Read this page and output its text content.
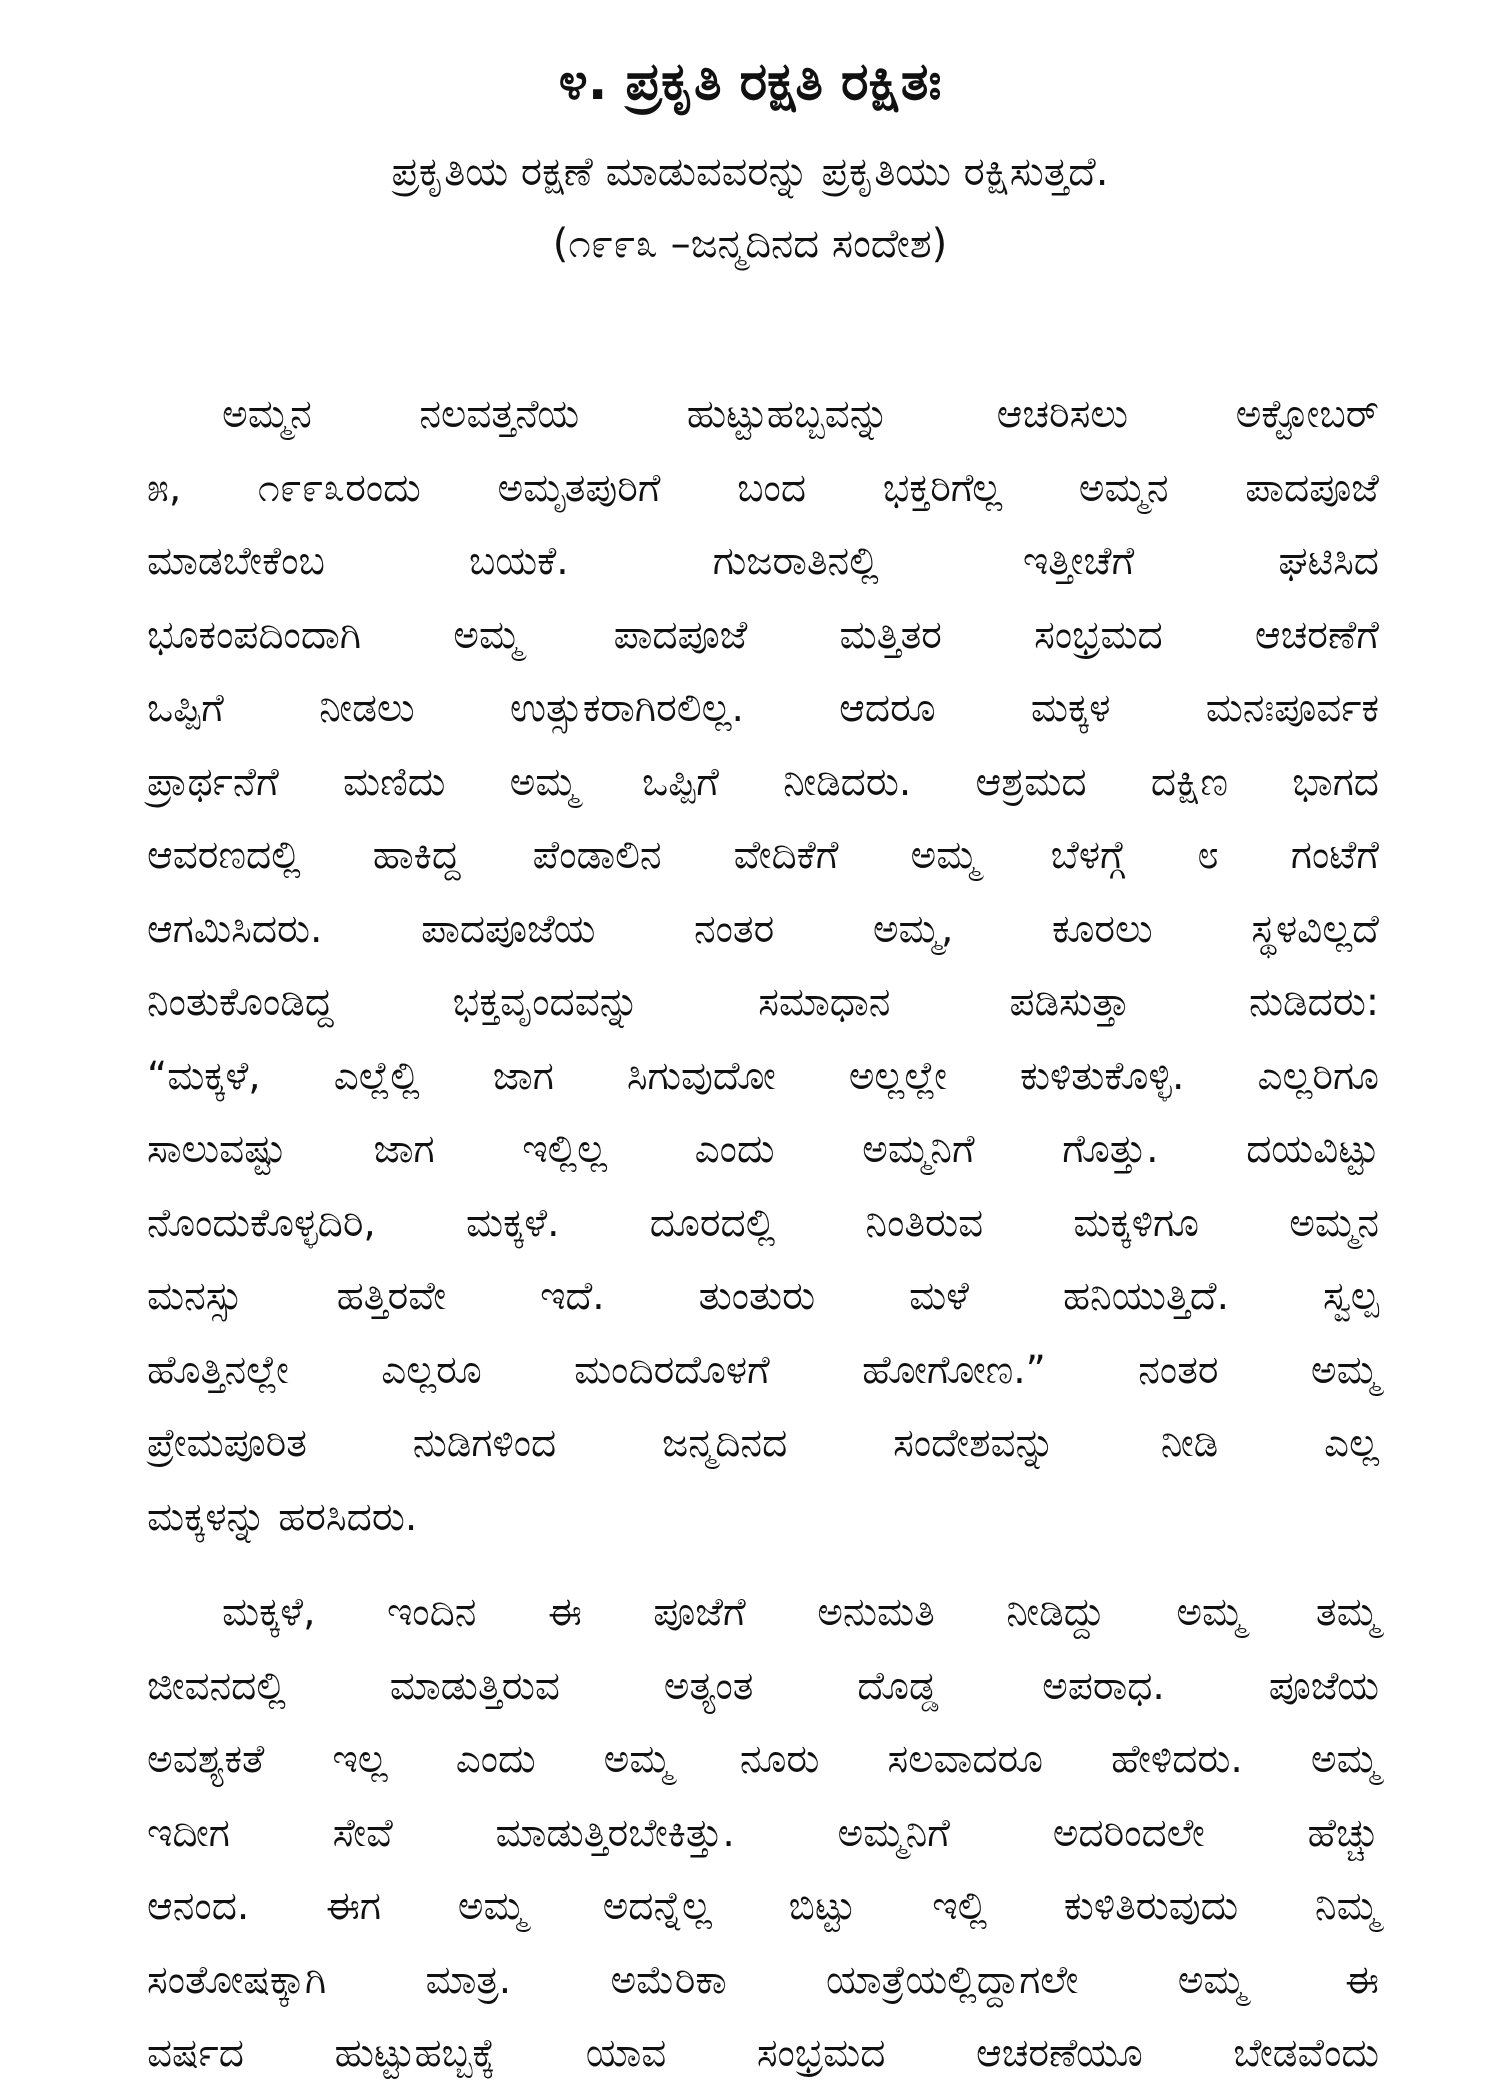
೪. ಪ್ರಕೃತಿ ರಕ್ಷತಿ ರಕ್ಷಿತಃ
ಪ್ರಕೃತಿಯ ರಕ್ಷಣೆ ಮಾಡುವವರನ್ನು ಪ್ರಕೃತಿಯು ರಕ್ಷಿಸುತ್ತದೆ.
(೧೯೯೩ –ಜನ್ಮದಿನದ ಸಂದೇಶ)
ಅಮ್ಮನ ನಲವತ್ತನೆಯ ಹುಟ್ಟುಹಬ್ಬವನ್ನು ಆಚರಿಸಲು ಅಕ್ಟೋಬರ್
೫, ೧೯೯೩ರಂದು ಅಮೃತಪುರಿಗೆ ಬಂದ ಭಕ್ತರಿಗೆಲ್ಲ ಅಮ್ಮನ ಪಾದಪೂಜೆ
ಮಾಡಬೇಕೆಂಬ ಬಯಕೆ. ಗುಜರಾತಿನಲ್ಲಿ ಇತ್ತೀಚೆಗೆ ಘಟಿಸಿದ
ಭೂಕಂಪದಿಂದಾಗಿ ಅಮ್ಮ ಪಾದಪೂಜೆ ಮತ್ತಿತರ ಸಂಭ್ರಮದ ಆಚರಣೆಗೆ
ಒಪ್ಪಿಗೆ ನೀಡಲು ಉತ್ಸುಕರಾಗಿರಲಿಲ್ಲ. ಆದರೂ ಮಕ್ಕಳ ಮನಃಪೂರ್ವಕ
ಪ್ರಾರ್ಥನೆಗೆ ಮಣಿದು ಅಮ್ಮ ಒಪ್ಪಿಗೆ ನೀಡಿದರು. ಆಶ್ರಮದ ದಕ್ಷಿಣ ಭಾಗದ
ಆವರಣದಲ್ಲಿ ಹಾಕಿದ್ದ ಪೆಂಡಾಲಿನ ವೇದಿಕೆಗೆ ಅಮ್ಮ ಬೆಳಗ್ಗೆ ೮ ಗಂಟೆಗೆ
ಆಗಮಿಸಿದರು. ಪಾದಪೂಜೆಯ ನಂತರ ಅಮ್ಮ, ಕೂರಲು ಸ್ಥಳವಿಲ್ಲದೆ
ನಿಂತುಕೊಂಡಿದ್ದ ಭಕ್ತವೃಂದವನ್ನು ಸಮಾಧಾನ ಪಡಿಸುತ್ತಾ ನುಡಿದರು:
“ಮಕ್ಕಳೆ, ಎಲ್ಲೆಲ್ಲಿ ಜಾಗ ಸಿಗುವುದೋ ಅಲ್ಲಲ್ಲೇ ಕುಳಿತುಕೊಳ್ಳಿ. ಎಲ್ಲರಿಗೂ
ಸಾಲುವಷ್ಟು ಜಾಗ ಇಲ್ಲಿಲ್ಲ ಎಂದು ಅಮ್ಮನಿಗೆ ಗೊತ್ತು. ದಯವಿಟ್ಟು
ನೊಂದುಕೊಳ್ಳದಿರಿ, ಮಕ್ಕಳೆ. ದೂರದಲ್ಲಿ ನಿಂತಿರುವ ಮಕ್ಕಳಿಗೂ ಅಮ್ಮನ
ಮನಸ್ಸು ಹತ್ತಿರವೇ ಇದೆ. ತುಂತುರು ಮಳೆ ಹನಿಯುತ್ತಿದೆ. ಸ್ವಲ್ಪ
ಹೊತ್ತಿನಲ್ಲೇ ಎಲ್ಲರೂ ಮಂದಿರದೊಳಗೆ ಹೋಗೋಣ.” ನಂತರ ಅಮ್ಮ
ಪ್ರೇಮಪೂರಿತ ನುಡಿಗಳಿಂದ ಜನ್ಮದಿನದ ಸಂದೇಶವನ್ನು ನೀಡಿ ಎಲ್ಲ
ಮಕ್ಕಳನ್ನು ಹರಸಿದರು.
ಮಕ್ಕಳೆ, ಇಂದಿನ ಈ ಪೂಜೆಗೆ ಅನುಮತಿ ನೀಡಿದ್ದು ಅಮ್ಮ ತಮ್ಮ
ಜೀವನದಲ್ಲಿ ಮಾಡುತ್ತಿರುವ ಅತ್ಯಂತ ದೊಡ್ಡ ಅಪರಾಧ. ಪೂಜೆಯ
ಅವಶ್ಯಕತೆ ಇಲ್ಲ ಎಂದು ಅಮ್ಮ ನೂರು ಸಲವಾದರೂ ಹೇಳಿದರು. ಅಮ್ಮ
ಇದೀಗ ಸೇವೆ ಮಾಡುತ್ತಿರಬೇಕಿತ್ತು. ಅಮ್ಮನಿಗೆ ಅದರಿಂದಲೇ ಹೆಚ್ಚು
ಆನಂದ. ಈಗ ಅಮ್ಮ ಅದನ್ನೆಲ್ಲ ಬಿಟ್ಟು ಇಲ್ಲಿ ಕುಳಿತಿರುವುದು ನಿಮ್ಮ
ಸಂತೋಷಕ್ಕಾಗಿ ಮಾತ್ರ. ಅಮೆರಿಕಾ ಯಾತ್ರೆಯಲ್ಲಿದ್ದಾಗಲೇ ಅಮ್ಮ ಈ
ವರ್ಷದ ಹುಟ್ಟುಹಬ್ಬಕ್ಕೆ ಯಾವ ಸಂಭ್ರಮದ ಆಚರಣೆಯೂ ಬೇಡವೆಂದು
